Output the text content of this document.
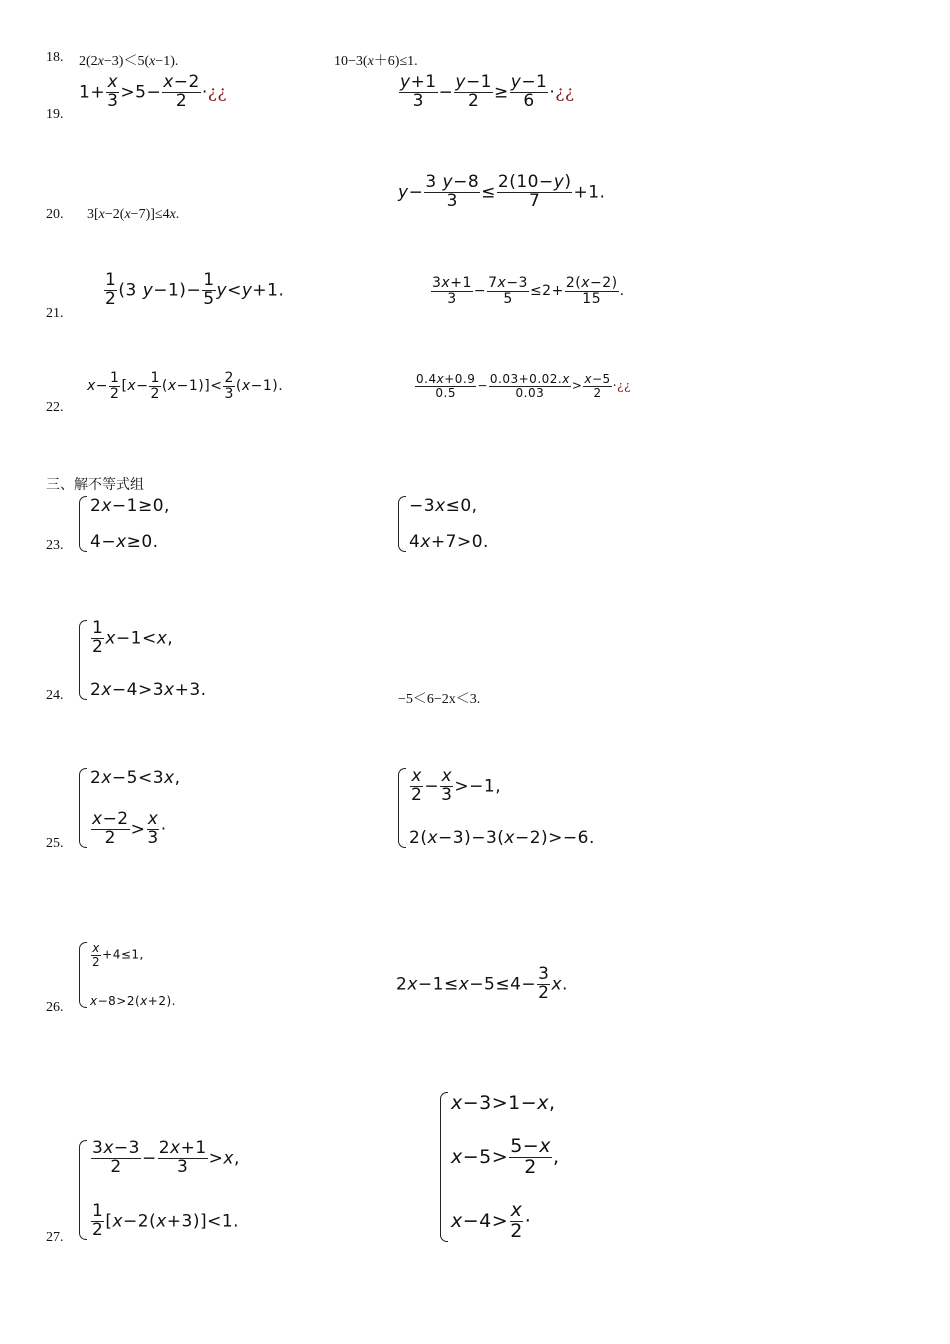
18. 2(2x−3)＜5(x−1).	10−3(x＋6)≤1.
19.
$1+ \frac{x}{3} >5- \frac{x-2}{2}$ ·¿¿	$\frac{y+1}{3} - \frac{y-1}{2} \ge \frac{y-1}{6}$ ·¿¿
20. 3[x−2(x−7)]≤4x.
$y- \frac{3 y-8}{3} \le \frac{2(10-y)}{7} +1$.
21.
$\frac{1}{2} (3$ $y-1)- \frac{1}{5} y<y+1$.	$\frac{3x+1}{3} - \frac{7x-3}{5} \le 2+ \frac{2(x-2)}{15}$ .
22.
$x- \frac{1}{2} [x- \frac{1}{2} (x-1)]< \frac{2}{3} (x-1)$.	$\frac{0.4x+0.9}{0.5} - \frac{0.03+0.02.x}{0.03} > \frac{x-5}{2}$ ·¿¿
三、解不等式组
23.
2x−1≥0,
4−x≥0.
−3x≤0,
4x+7>0.
24.
$\frac{1}{2} x-1<x$,
2x−4>3x+3.	−5＜6−2x＜3.
25.
2x−5<3x,
$\frac{x-2}{2} > \frac{x}{3}$ ·
$\frac{x}{2} - \frac{x}{3} >-1$,
2(x−3)−3(x−2)>−6.
26.
$\frac{x}{2} +4\le 1$,
x−8>2(x+2).
$2x-1\le x-5\le 4- \frac{3}{2} x$.
27.
$\frac{3x-3}{2} - \frac{2x+1}{3} >x$,
$\frac{1}{2} [x-2(x+3)]<1$.
x−3>1−x,
$x-5> \frac{5-x}{2}$ ,
$x-4> \frac{x}{2}$ ·
